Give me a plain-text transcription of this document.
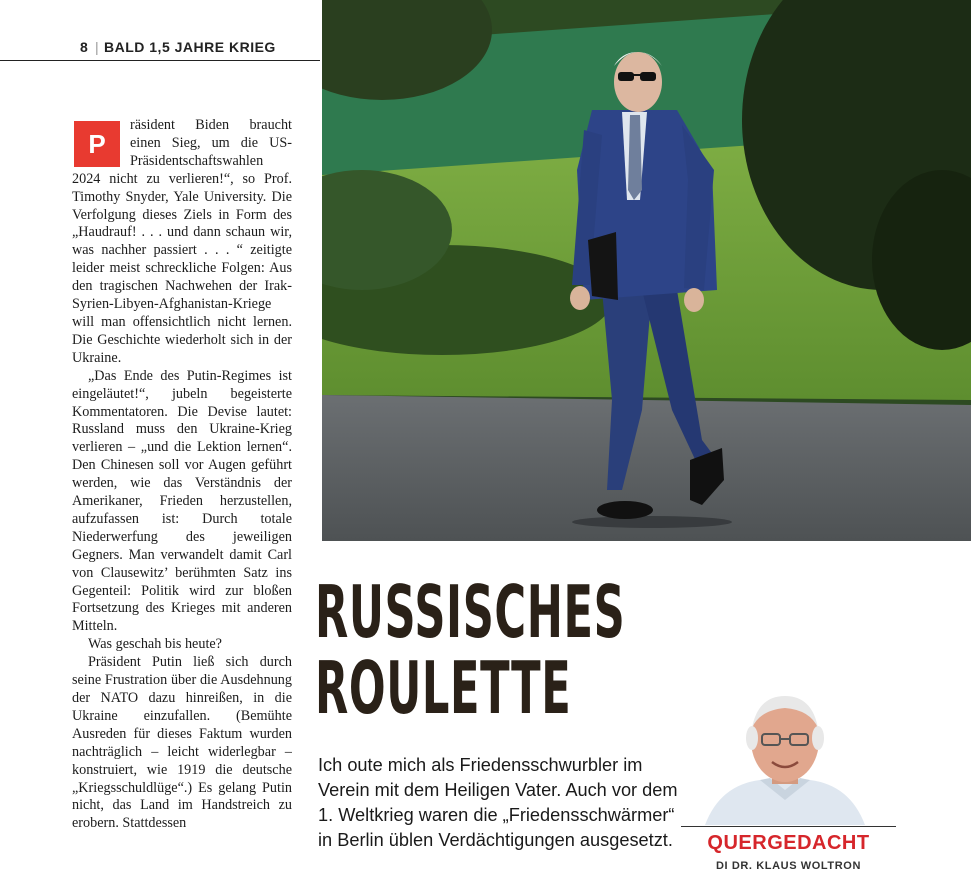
8 | BALD 1,5 JAHRE KRIEG

P
räsident Biden braucht einen Sieg, um die US-Präsidentschaftswahlen 2024 nicht zu verlieren!“, so Prof. Timothy Snyder, Yale University. Die Verfolgung dieses Ziels in Form des „Haudrauf! . . . und dann schaun wir, was nachher passiert . . . “ zeitigte leider meist schreckliche Folgen: Aus den tragischen Nachwehen der Irak-Syrien-Libyen-Afghanistan-Kriege will man offensichtlich nicht lernen. Die Geschichte wiederholt sich in der Ukraine.

„Das Ende des Putin-Regimes ist eingeläutet!“, jubeln begeisterte Kommentatoren. Die Devise lautet: Russland muss den Ukraine-Krieg verlieren – „und die Lektion lernen“. Den Chinesen soll vor Augen geführt werden, wie das Verständnis der Amerikaner, Frieden herzustellen, aufzufassen ist: Durch totale Niederwerfung des jeweiligen Gegners. Man verwandelt damit Carl von Clausewitz’ berühmten Satz ins Gegenteil: Politik wird zur bloßen Fortsetzung des Krieges mit anderen Mitteln.

Was geschah bis heute?

Präsident Putin ließ sich durch seine Frustration über die Ausdehnung der NATO dazu hinreißen, in die Ukraine einzufallen. (Bemühte Ausreden für dieses Faktum wurden nachträglich – leicht widerlegbar – konstruiert, wie 1919 die deutsche „Kriegsschuldlüge“.) Es gelang Putin nicht, das Land im Handstreich zu erobern. Stattdessen

RUSSISCHES
ROULETTE
Ich oute mich als Friedensschwurbler im Verein mit dem Heiligen Vater. Auch vor dem 1. Weltkrieg waren die „Friedensschwärmer“ in Berlin üblen Verdächtigungen ausgesetzt.	QUERGEDACHT
DI DR. KLAUS WOLTRON
